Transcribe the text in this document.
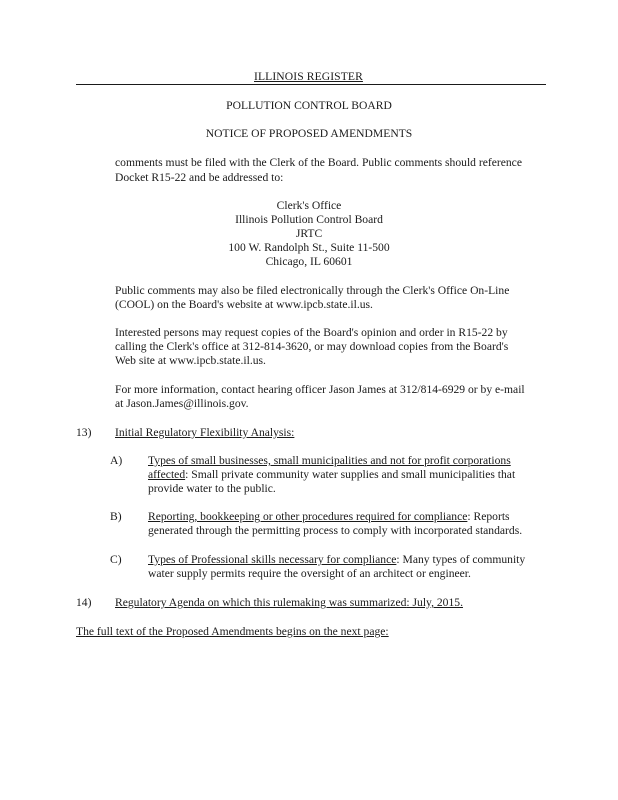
ILLINOIS REGISTER
POLLUTION CONTROL BOARD
NOTICE OF PROPOSED AMENDMENTS
comments must be filed with the Clerk of the Board. Public comments should reference
Docket R15-22 and be addressed to:
Clerk's Office
Illinois Pollution Control Board
JRTC
100 W. Randolph St., Suite 11-500
Chicago, IL 60601
Public comments may also be filed electronically through the Clerk's Office On-Line
(COOL) on the Board's website at www.ipcb.state.il.us.
Interested persons may request copies of the Board's opinion and order in R15-22 by
calling the Clerk's office at 312-814-3620, or may download copies from the Board's
Web site at www.ipcb.state.il.us.
For more information, contact hearing officer Jason James at 312/814-6929 or by e-mail
at Jason.James@illinois.gov.
13) Initial Regulatory Flexibility Analysis:
A) Types of small businesses, small municipalities and not for profit corporations
affected: Small private community water supplies and small municipalities that
provide water to the public.
B) Reporting, bookkeeping or other procedures required for compliance: Reports
generated through the permitting process to comply with incorporated standards.
C) Types of Professional skills necessary for compliance: Many types of community
water supply permits require the oversight of an architect or engineer.
14) Regulatory Agenda on which this rulemaking was summarized: July, 2015.
The full text of the Proposed Amendments begins on the next page:
